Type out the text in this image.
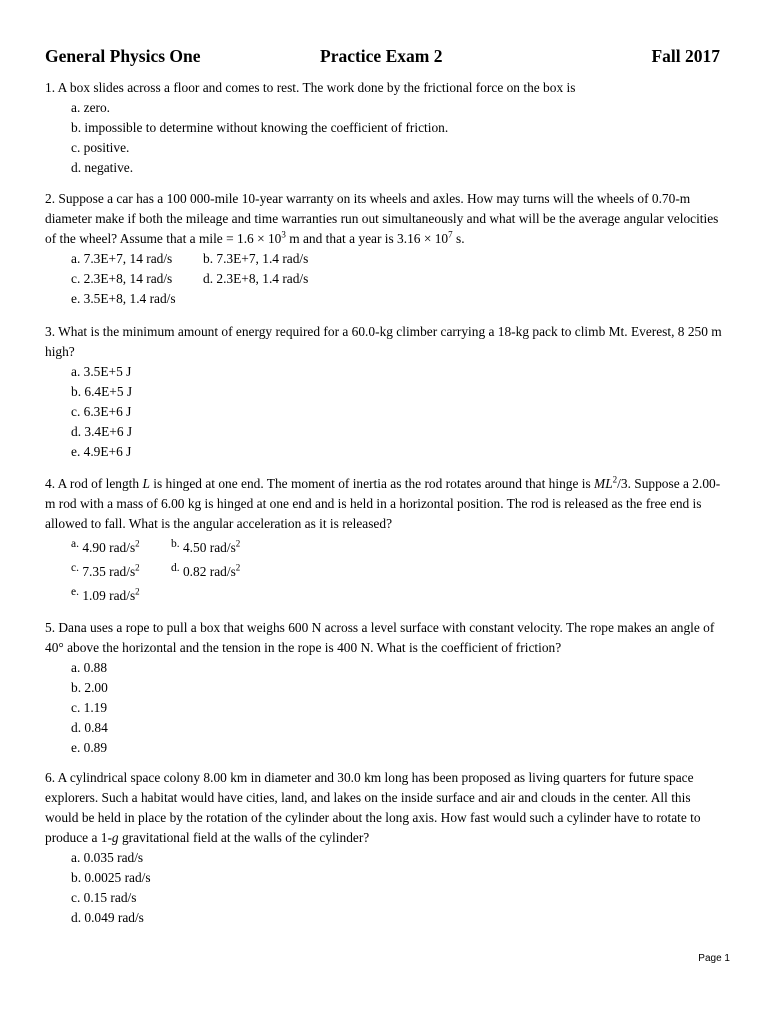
General Physics One	Practice Exam 2	Fall 2017

1. A box slides across a floor and comes to rest. The work done by the frictional force on the box is

a. zero.

b. impossible to determine without knowing the coefficient of friction.

c. positive.

d. negative.

2. Suppose a car has a 100 000-mile 10-year warranty on its wheels and axles. How may turns will the wheels of 0.70-m diameter make if both the mileage and time warranties run out simultaneously and what will be the average angular velocities of the wheel? Assume that a mile = $1.6 \times 10^3$ m and that a year is $3.16 \times 10^7$ s.

a. 7.3E+7, 14 rad/s	b. 7.3E+7, 1.4 rad/s
c. 2.3E+8, 14 rad/s	d. 2.3E+8, 1.4 rad/s

e. 3.5E+8, 1.4 rad/s

3. What is the minimum amount of energy required for a 60.0-kg climber carrying a 18-kg pack to climb Mt. Everest, 8 250 m high?

a. 3.5E+5 J

b. 6.4E+5 J

c. 6.3E+6 J

d. 3.4E+6 J

e. 4.9E+6 J

4. A rod of length L is hinged at one end. The moment of inertia as the rod rotates around that hinge is $ML^2/3$. Suppose a 2.00-m rod with a mass of 6.00 kg is hinged at one end and is held in a horizontal position. The rod is released as the free end is allowed to fall. What is the angular acceleration as it is released?

a. 4.90 rad/$s^2$	b. 4.50 rad/$s^2$
c. 7.35 rad/$s^2$	d. 0.82 rad/$s^2$
e. 1.09 rad/$s^2$

5. Dana uses a rope to pull a box that weighs 600 N across a level surface with constant velocity. The rope makes an angle of 40° above the horizontal and the tension in the rope is 400 N. What is the coefficient of friction?

a. 0.88

b. 2.00

c. 1.19

d. 0.84

e. 0.89

6. A cylindrical space colony 8.00 km in diameter and 30.0 km long has been proposed as living quarters for future space explorers. Such a habitat would have cities, land, and lakes on the inside surface and air and clouds in the center. All this would be held in place by the rotation of the cylinder about the long axis. How fast would such a cylinder have to rotate to produce a 1-g gravitational field at the walls of the cylinder?

a. 0.035 rad/s

b. 0.0025 rad/s

c. 0.15 rad/s

d. 0.049 rad/s

Page 1
